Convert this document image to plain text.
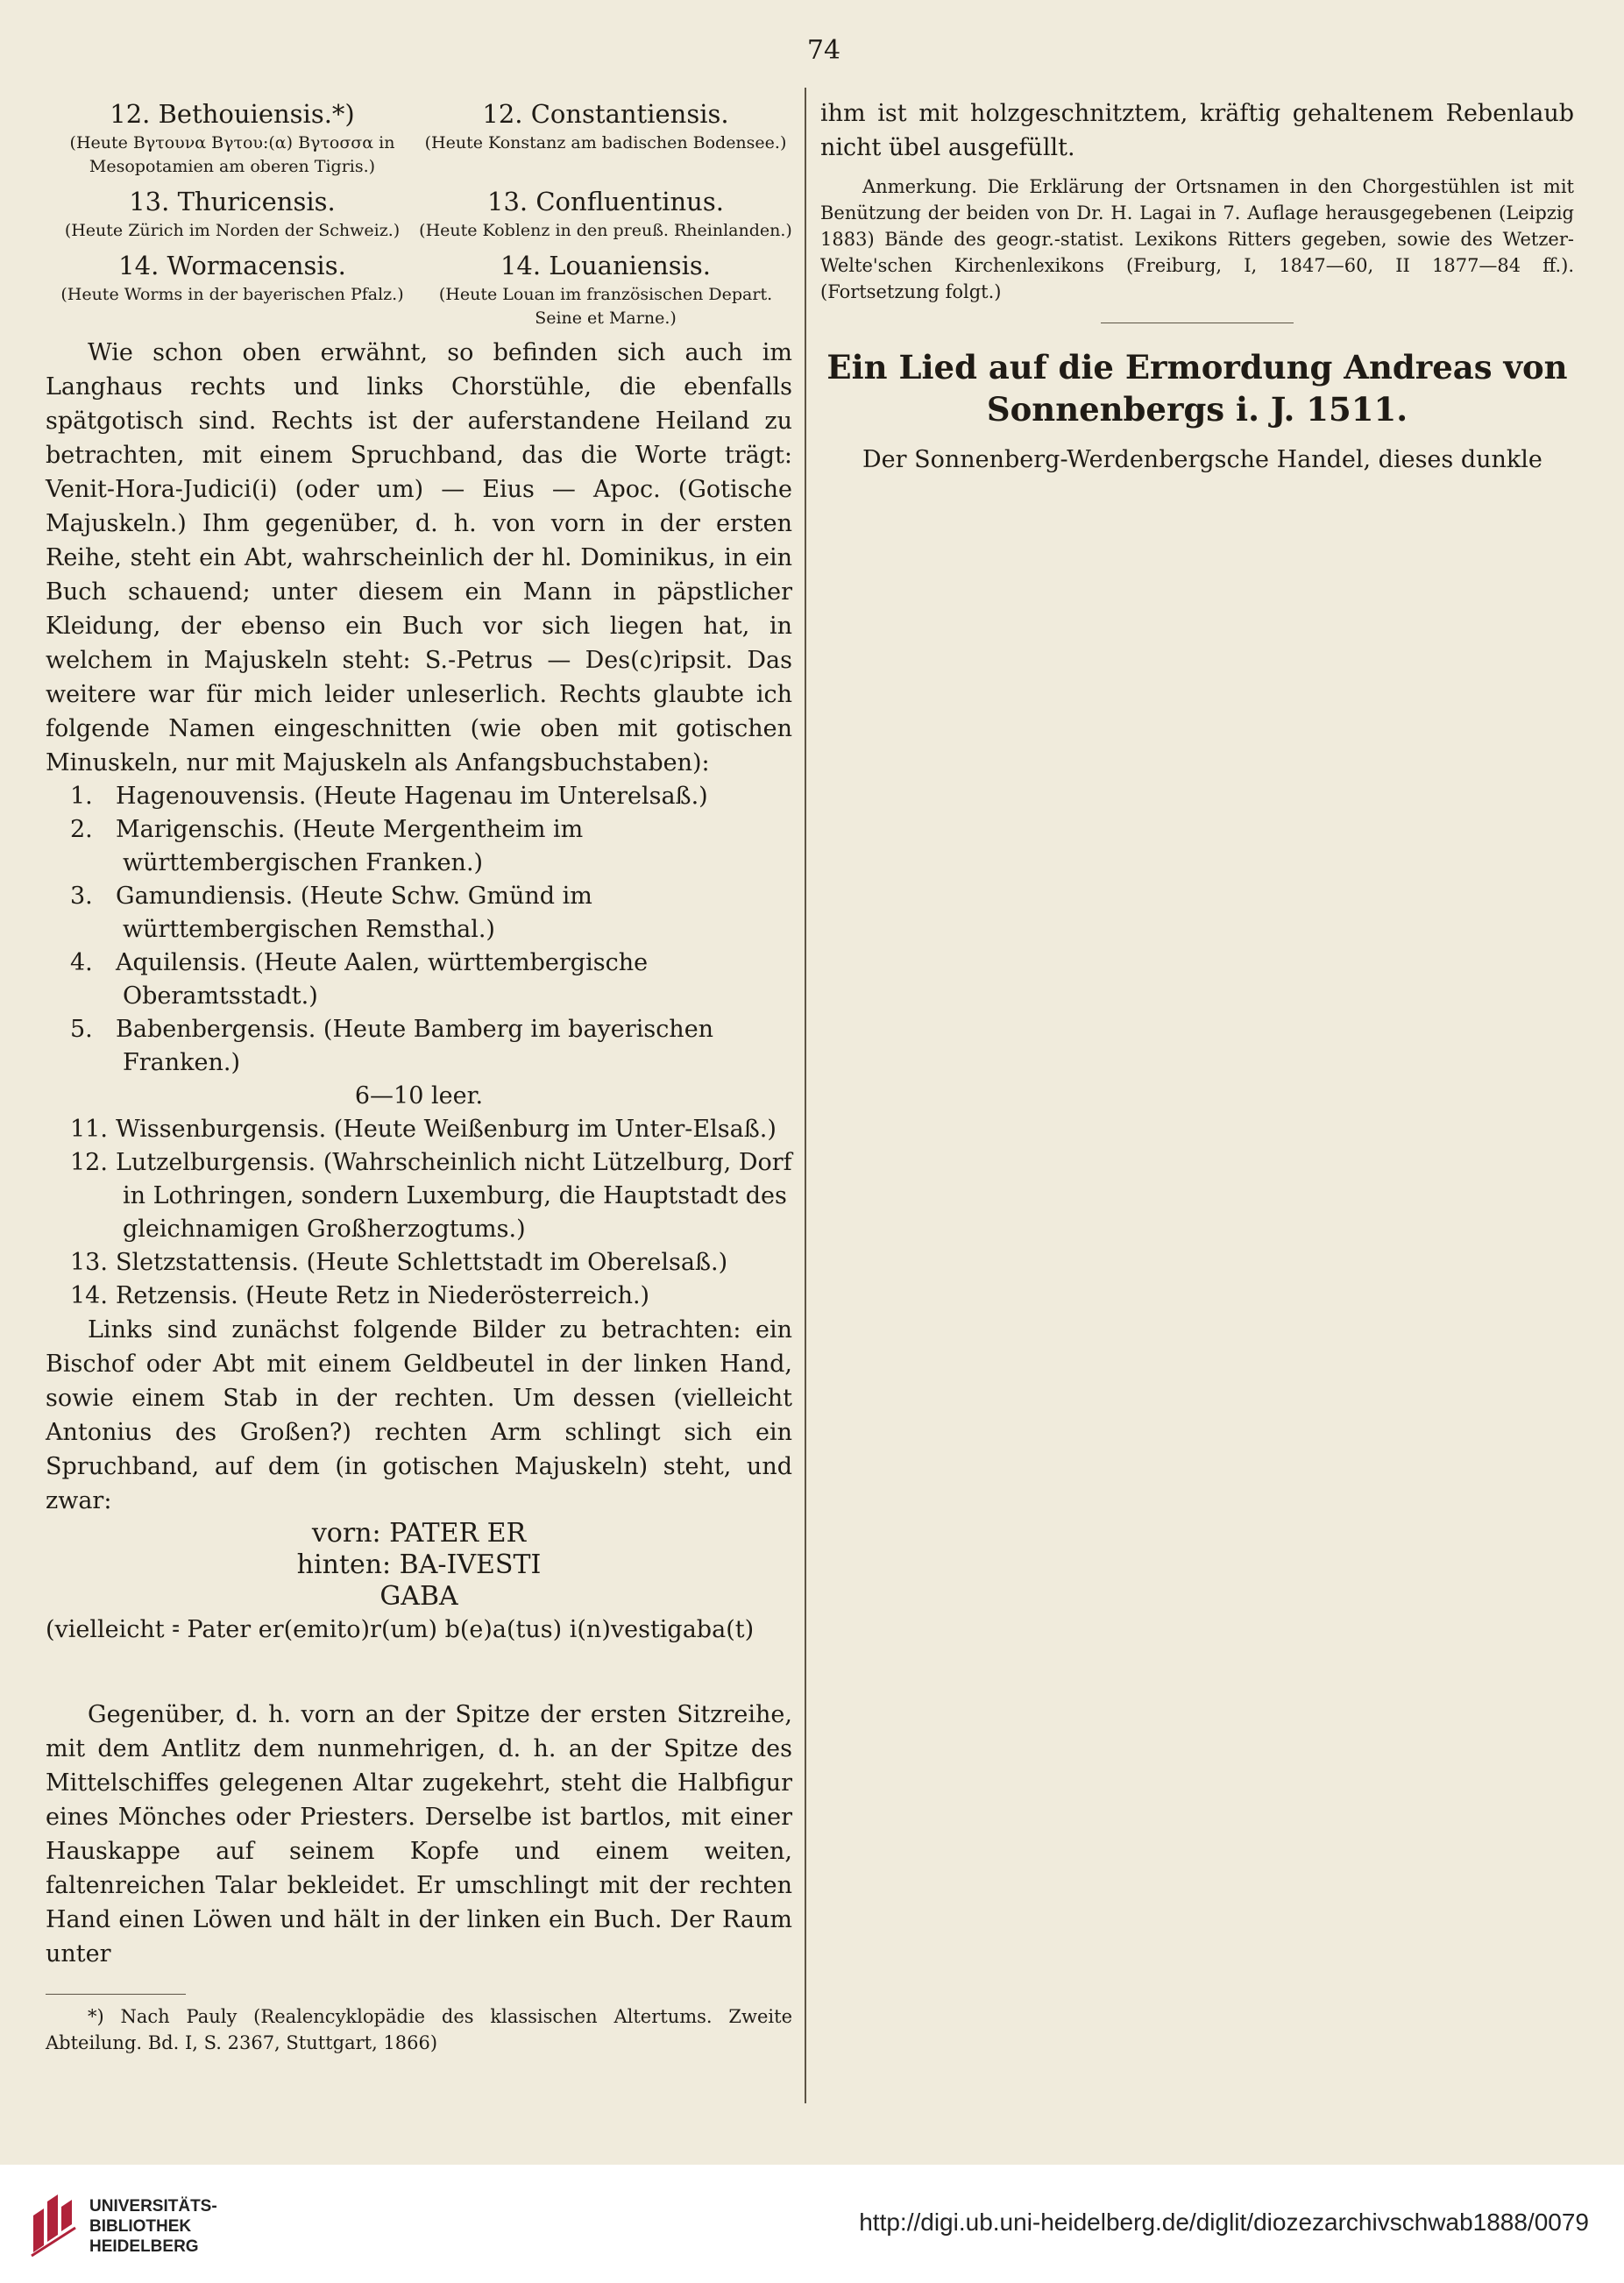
74
12. Bethouiensis.*)
(Heute Βγτουνα Βγτου:(α) Βγτοσσα in Mesopotamien am oberen Tigris.)
12. Constantiensis.
(Heute Konstanz am badischen Bodensee.)
13. Thuricensis.
(Heute Zürich im Norden der Schweiz.)
13. Confluentinus.
(Heute Koblenz in den preuß. Rheinlanden.)
14. Wormacensis.
(Heute Worms in der bayerischen Pfalz.)
14. Louaniensis.
(Heute Louan im französischen Depart. Seine et Marne.)

Wie schon oben erwähnt, so befinden sich auch im Langhaus rechts und links Chorstühle, die ebenfalls spätgotisch sind. Rechts ist der auferstandene Heiland zu betrachten, mit einem Spruchband, das die Worte trägt: Venit-Hora-Judici(i) (oder um) — Eius — Apoc. (Gotische Majuskeln.) Ihm gegenüber, d. h. von vorn in der ersten Reihe, steht ein Abt, wahrscheinlich der hl. Dominikus, in ein Buch schauend; unter diesem ein Mann in päpstlicher Kleidung, der ebenso ein Buch vor sich liegen hat, in welchem in Majuskeln steht: S.-Petrus — Des(c)ripsit. Das weitere war für mich leider unleserlich. Rechts glaubte ich folgende Namen eingeschnitten (wie oben mit gotischen Minuskeln, nur mit Majuskeln als Anfangsbuchstaben):

1. Hagenouvensis. (Heute Hagenau im Unterelsaß.)
2. Marigenschis. (Heute Mergentheim im württembergischen Franken.)
3. Gamundiensis. (Heute Schw. Gmünd im württembergischen Remsthal.)
4. Aquilensis. (Heute Aalen, württembergische Oberamtsstadt.)
5. Babenbergensis. (Heute Bamberg im bayerischen Franken.)
6—10 leer.
11. Wissenburgensis. (Heute Weißenburg im Unter-Elsaß.)
12. Lutzelburgensis. (Wahrscheinlich nicht Lützelburg, Dorf in Lothringen, sondern Luxemburg, die Hauptstadt des gleichnamigen Großherzogtums.)
13. Sletzstattensis. (Heute Schlettstadt im Oberelsaß.)
14. Retzensis. (Heute Retz in Niederösterreich.)

Links sind zunächst folgende Bilder zu betrachten: ein Bischof oder Abt mit einem Geldbeutel in der linken Hand, sowie einem Stab in der rechten. Um dessen (vielleicht Antonius des Großen?) rechten Arm schlingt sich ein Spruchband, auf dem (in gotischen Majuskeln) steht, und zwar:

vorn: PATER ER
hinten: BA-IVESTI
GABA

(vielleicht ⹀ Pater er(emito)r(um) b(e)a(tus) i(n)vestigaba(t)

Gegenüber, d. h. vorn an der Spitze der ersten Sitzreihe, mit dem Antlitz dem nunmehrigen, d. h. an der Spitze des Mittelschiffes gelegenen Altar zugekehrt, steht die Halbfigur eines Mönches oder Priesters. Derselbe ist bartlos, mit einer Hauskappe auf seinem Kopfe und einem weiten, faltenreichen Talar bekleidet. Er umschlingt mit der rechten Hand einen Löwen und hält in der linken ein Buch. Der Raum unter

*) Nach Pauly (Realencyklopädie des klassischen Altertums. Zweite Abteilung. Bd. I, S. 2367, Stuttgart, 1866)

ihm ist mit holzgeschnitztem, kräftig gehaltenem Rebenlaub nicht übel ausgefüllt.

Anmerkung. Die Erklärung der Ortsnamen in den Chorgestühlen ist mit Benützung der beiden von Dr. H. Lagai in 7. Auflage herausgegebenen (Leipzig 1883) Bände des geogr.-statist. Lexikons Ritters gegeben, sowie des Wetzer-Welte'schen Kirchenlexikons (Freiburg, I, 1847—60, II 1877—84 ff.). (Fortsetzung folgt.)

Ein Lied auf die Ermordung Andreas von Sonnenbergs i. J. 1511.

Der Sonnenberg-Werdenbergsche Handel, dieses dunkle

UNIVERSITÄTS-
BIBLIOTHEK
HEIDELBERG
http://digi.ub.uni-heidelberg.de/diglit/diozezarchivschwab1888/0079
